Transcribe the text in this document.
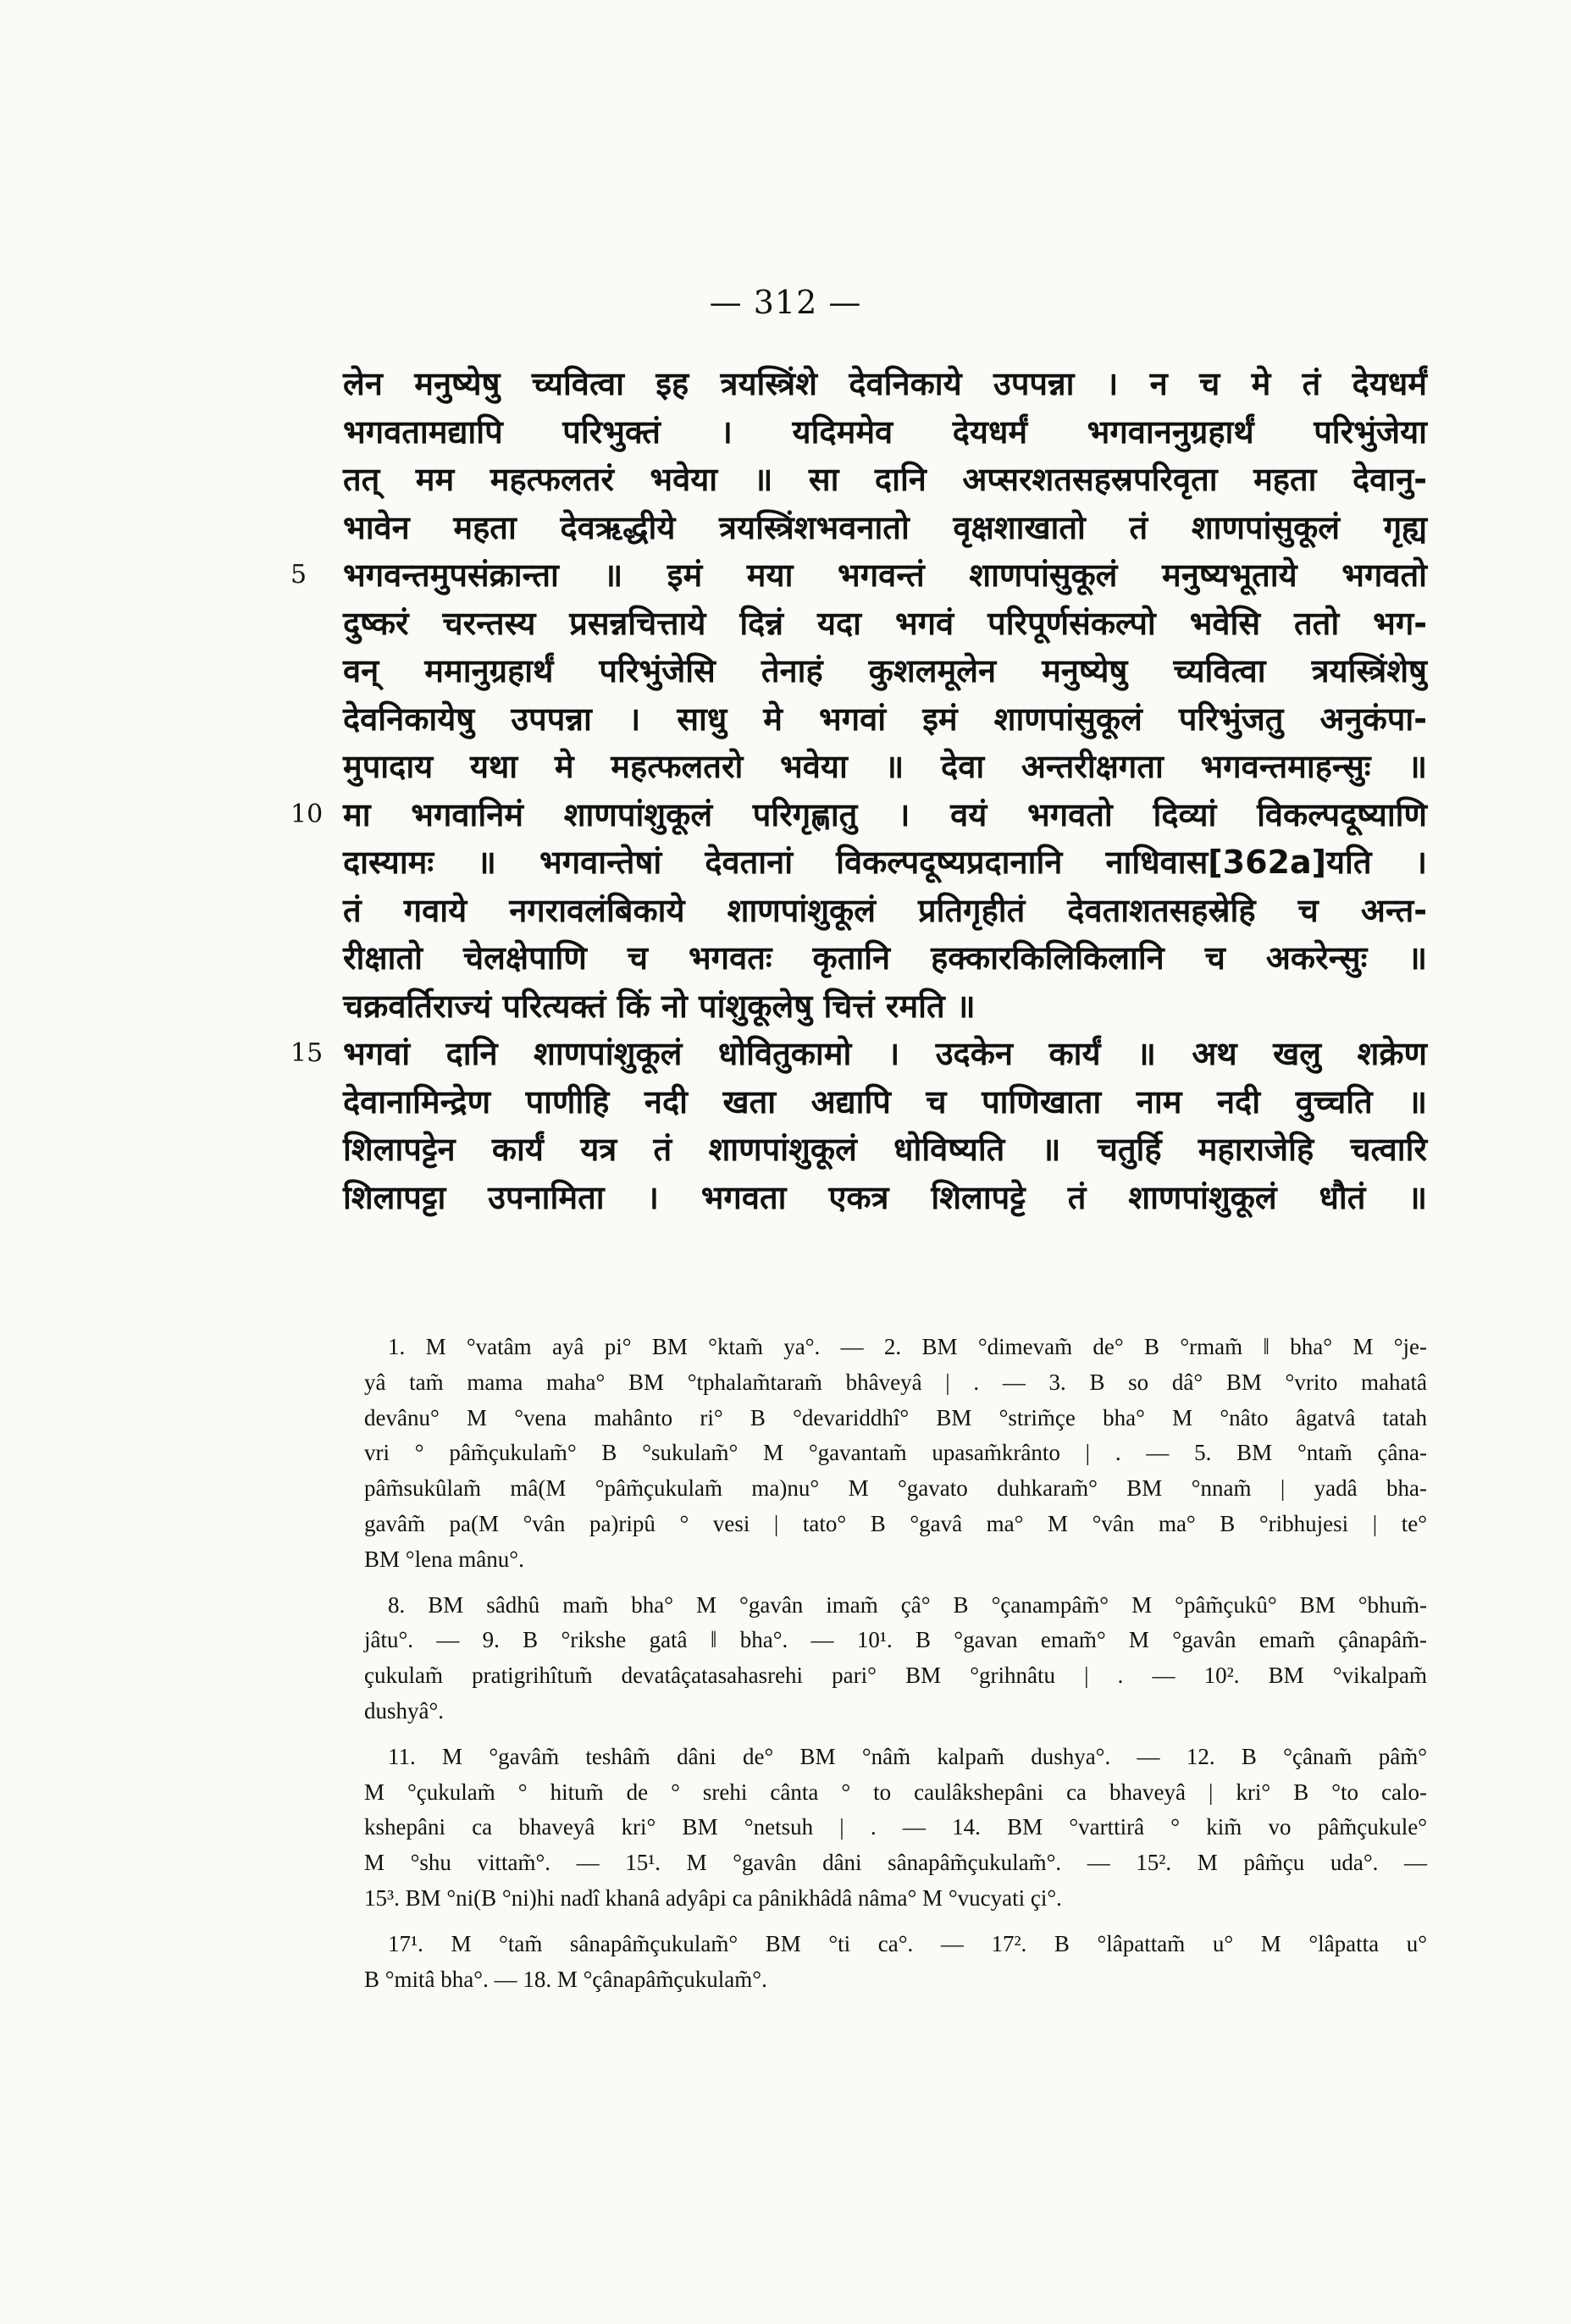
— 312 —
लेन मनुष्येषु च्यवित्वा इह त्रयस्त्रिंशे देवनिकाये उपपन्ना । न च मे तं देयधर्मं
भगवतामद्यापि परिभुक्तं । यदिममेव देयधर्मं भगवाननुग्रहार्थं परिभुंजेया
तत् मम महत्फलतरं भवेया ॥ सा दानि अप्सरशतसहस्रपरिवृता महता देवानु-
भावेन महता देवऋद्धीये त्रयस्त्रिंशभवनातो वृक्षशाखातो तं शाणपांसुकूलं गृह्य
5 भगवन्तमुपसंक्रान्ता ॥ इमं मया भगवन्तं शाणपांसुकूलं मनुष्यभूताये भगवतो
दुष्करं चरन्तस्य प्रसन्नचित्ताये दिन्नं यदा भगवं परिपूर्णसंकल्पो भवेसि ततो भग-
वन् ममानुग्रहार्थं परिभुंजेसि तेनाहं कुशलमूलेन मनुष्येषु च्यवित्वा त्रयस्त्रिंशेषु
देवनिकायेषु उपपन्ना । साधु मे भगवां इमं शाणपांसुकूलं परिभुंजतु अनुकंपा-
मुपादाय यथा मे महत्फलतरो भवेया ॥ देवा अन्तरीक्षगता भगवन्तमाहन्सुः ॥
10 मा भगवानिमं शाणपांशुकूलं परिगृह्णातु । वयं भगवतो दिव्यां विकल्पदूष्याणि
दास्यामः ॥ भगवान्तेषां देवतानां विकल्पदूष्यप्रदानानि नाधिवास[362a]यति ।
तं गवाये नगरावलंबिकाये शाणपांशुकूलं प्रतिगृहीतं देवताशतसहस्रेहि च अन्त-
रीक्षातो चेलक्षेपाणि च भगवतः कृतानि हक्कारकिलिकिलानि च अकरेन्सुः ॥
चक्रवर्तिराज्यं परित्यक्तं किं नो पांशुकूलेषु चित्तं रमति ॥
15 भगवां दानि शाणपांशुकूलं धोवितुकामो । उदकेन कार्यं ॥ अथ खलु शक्रेण
देवानामिन्द्रेण पाणीहि नदी खता अद्यापि च पाणिखाता नाम नदी वुच्चति ॥
शिलापट्टेन कार्यं यत्र तं शाणपांशुकूलं धोविष्यति ॥ चतुर्हि महाराजेहि चत्वारि
शिलापट्टा उपनामिता । भगवता एकत्र शिलापट्टे तं शाणपांशुकूलं धौतं ॥
1. M °vatâm ayâ pi° BM °ktam̃ ya°. — 2. BM °dimevam̃ de° B °rmam̃ ‖ bha° M °je-
yâ tam̃ mama maha° BM °tphalam̃taram̃ bhâveyâ | . — 3. B so dâ° BM °vrito mahatâ
devânu° M °vena mahânto ri° B °devariddhî° BM °strim̃çe bha° M °nâto âgatvâ tatah
vri ° pâm̃çukulam̃° B °sukulam̃° M °gavantam̃ upasam̃krânto | . — 5. BM °ntam̃ çâna-
pâm̃sukûlam̃ mâ(M °pâm̃çukulam̃ ma)nu° M °gavato duhkaram̃° BM °nnam̃ | yadâ bha-
gavâm̃ pa(M °vân pa)ripû ° vesi | tato° B °gavâ ma° M °vân ma° B °ribhujesi | te°
BM °lena mânu°.
8. BM sâdhû mam̃ bha° M °gavân imam̃ çâ° B °çanampâm̃° M °pâm̃çukû° BM °bhum̃-
jâtu°. — 9. B °rikshe gatâ ‖ bha°. — 10¹. B °gavan emam̃° M °gavân emam̃ çânapâm̃-
çukulam̃ pratigrihîtum̃ devatâçatasahasrehi pari° BM °grihnâtu | . — 10². BM °vikalpam̃
dushyâ°.
11. M °gavâm̃ teshâm̃ dâni de° BM °nâm̃ kalpam̃ dushya°. — 12. B °çânam̃ pâm̃°
M °çukulam̃ ° hitum̃ de ° srehi cânta ° to caulâkshepâni ca bhaveyâ | kri° B °to calo-
kshepâni ca bhaveyâ kri° BM °netsuh | . — 14. BM °varttirâ ° kim̃ vo pâm̃çukule°
M °shu vittam̃°. — 15¹. M °gavân dâni sânapâm̃çukulam̃°. — 15². M pâm̃çu uda°. —
15³. BM °ni(B °ni)hi nadî khanâ adyâpi ca pânikhâdâ nâma° M °vucyati çi°.
17¹. M °tam̃ sânapâm̃çukulam̃° BM °ti ca°. — 17². B °lâpattam̃ u° M °lâpatta u°
B °mitâ bha°. — 18. M °çânapâm̃çukulam̃°.
